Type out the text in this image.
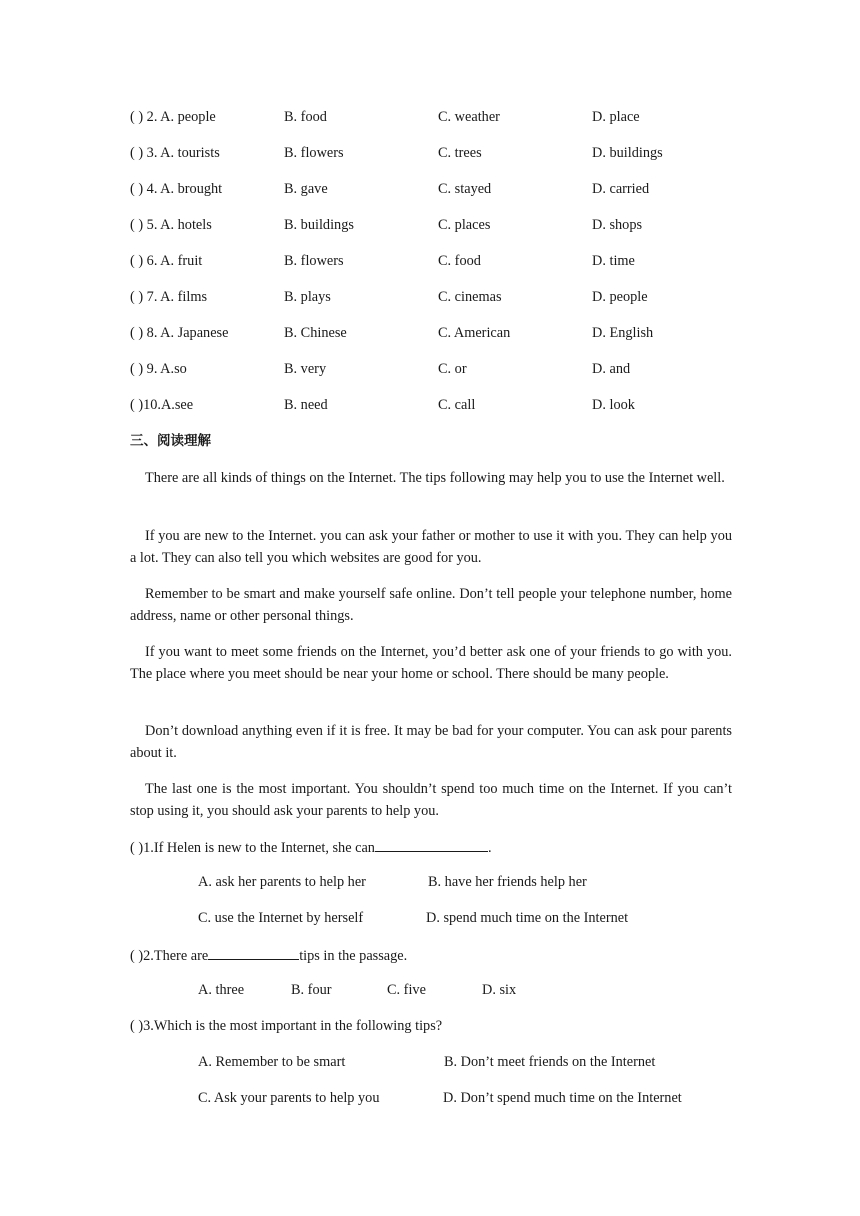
( ) 2. A. people	B. food	C. weather	D. place
( ) 3. A. tourists	B. flowers	C. trees	D. buildings
( ) 4. A. brought	B. gave	C. stayed	D. carried
( ) 5. A. hotels	B. buildings	C. places	D. shops
( ) 6. A. fruit	B. flowers	C. food	D. time
( ) 7. A. films	B. plays	C. cinemas	D. people
( ) 8. A. Japanese	B. Chinese	C. American	D. English
( ) 9. A.so	B. very	C. or	D. and
( )10.A.see	B. need	C. call	D. look
三、阅读理解

There are all kinds of things on the Internet. The tips following may help you to use the Internet well.

If you are new to the Internet. you can ask your father or mother to use it with you. They can help you a lot. They can also tell you which websites are good for you.

Remember to be smart and make yourself safe online. Don’t tell people your telephone number, home address, name or other personal things.

If you want to meet some friends on the Internet, you’d better ask one of your friends to go with you. The place where you meet should be near your home or school. There should be many people.

Don’t download anything even if it is free. It may be bad for your computer. You can ask pour parents about it.

The last one is the most important. You shouldn’t spend too much time on the Internet. If you can’t stop using it, you should ask your parents to help you.

( )1.If Helen is new to the Internet, she can	.
A. ask her parents to help her	B. have her friends help her
C. use the Internet by herself	D. spend much time on the Internet
( )2.There are	tips in the passage.
A. three	B. four	C. five	D. six
( )3.Which is the most important in the following tips?
A. Remember to be smart	B. Don’t meet friends on the Internet
C. Ask your parents to help you	D. Don’t spend much time on the Internet
